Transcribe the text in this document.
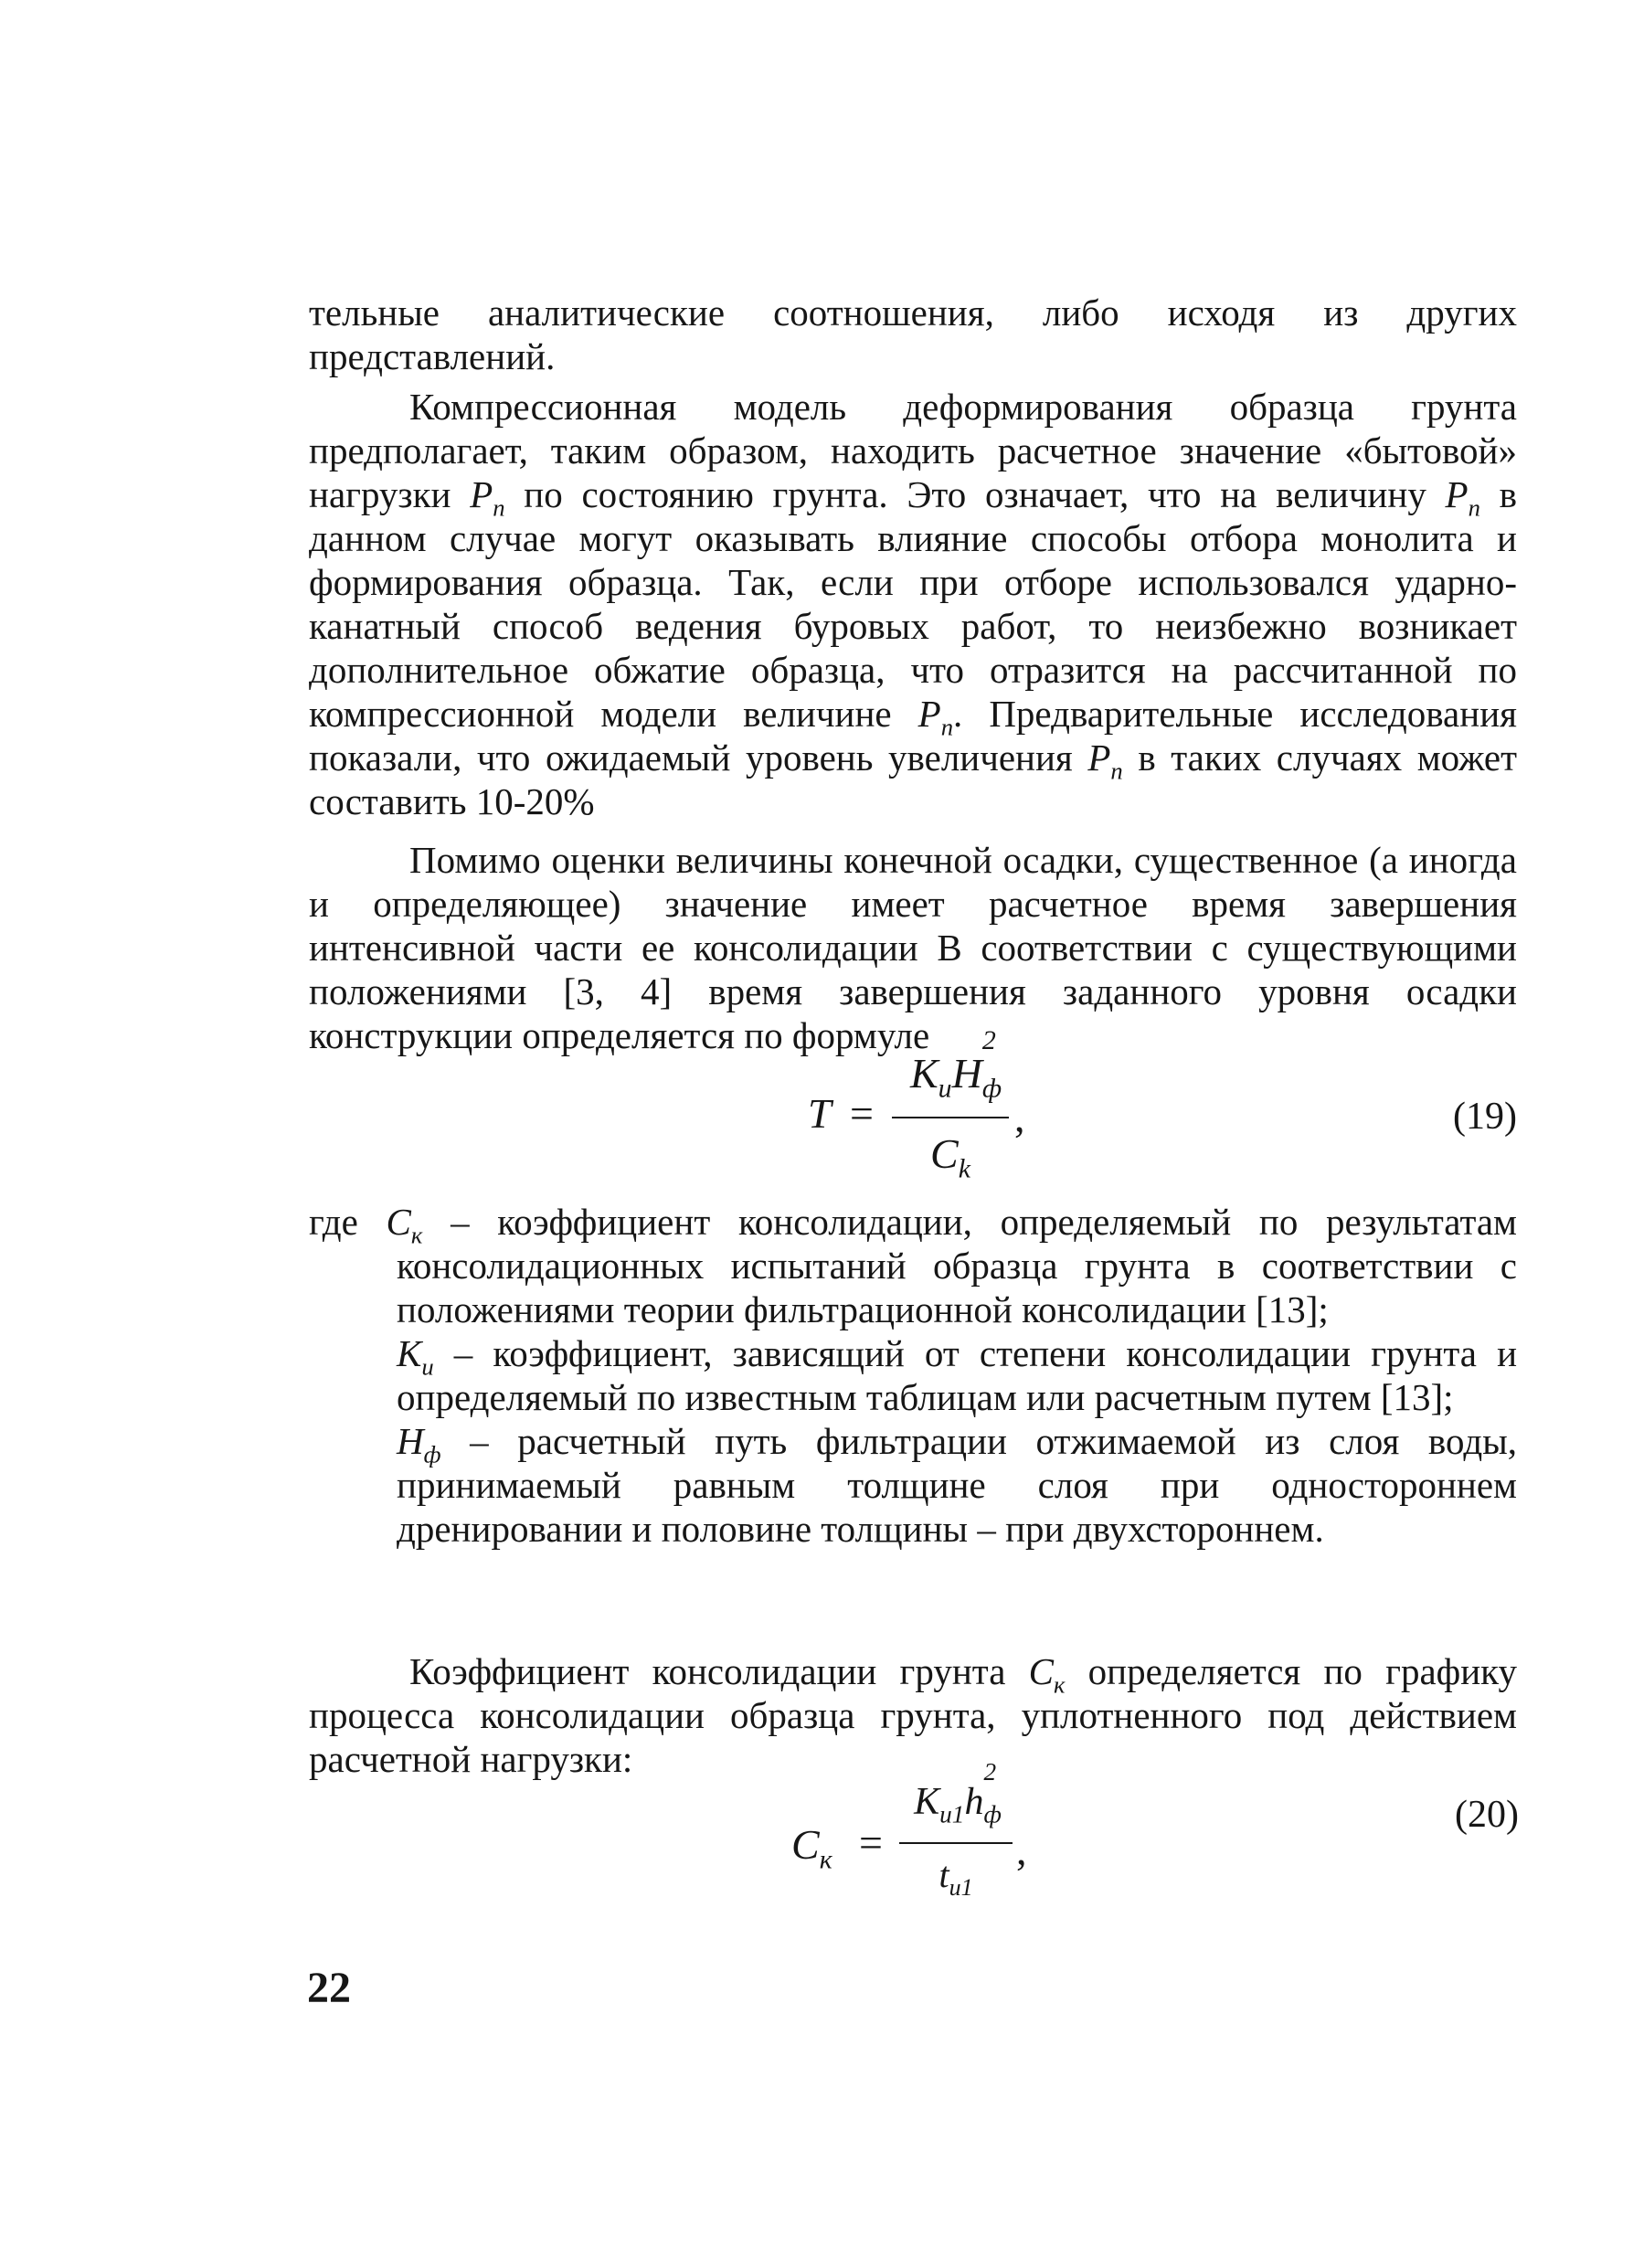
тельные аналитические соотношения, либо исходя из других

представлений.

Компрессионная модель деформирования образца грунта предполагает, таким образом, находить расчетное значение «бытовой» нагрузки $P_п$ по состоянию грунта. Это означает, что на величину $P_п$ в данном случае могут оказывать влияние способы отбора монолита и формирования образца. Так, если при отборе использовался ударно-канатный способ ведения буровых работ, то неизбежно возникает дополнительное обжатие образца, что отразится на рассчитанной по компрессионной модели величине $P_п$. Предварительные исследования показали, что ожидаемый уровень увеличения $P_п$ в таких случаях может составить 10-20%

Помимо оценки величины конечной осадки, существенное (а иногда и определяющее) значение имеет расчетное время завершения интенсивной части ее консолидации В соответствии с существующими положениями [3, 4] время завершения заданного уровня осадки конструкции определяется по формуле

T =
$K_uH$
2
$_ф$
$C_k$
,	(19)

где $C_к$ – коэффициент консолидации, определяемый по результатам консолидационных испытаний образца грунта в соответствии с положениями теории фильтрационной консолидации [13];

$K_u$ – коэффициент, зависящий от степени консолидации грунта и определяемый по известным таблицам или расчетным путем [13];

$H_ф$ – расчетный путь фильтрации отжимаемой из слоя воды, принимаемый равным толщине слоя при одностороннем дренировании и половине толщины – при двухстороннем.

Коэффициент консолидации грунта $C_к$ определяется по графику процесса консолидации образца грунта, уплотненного под действием расчетной нагрузки:

$C_к$ =
$K_{u1}h$
2
$_ф$
$t_{u1}$
,
(20)
22
